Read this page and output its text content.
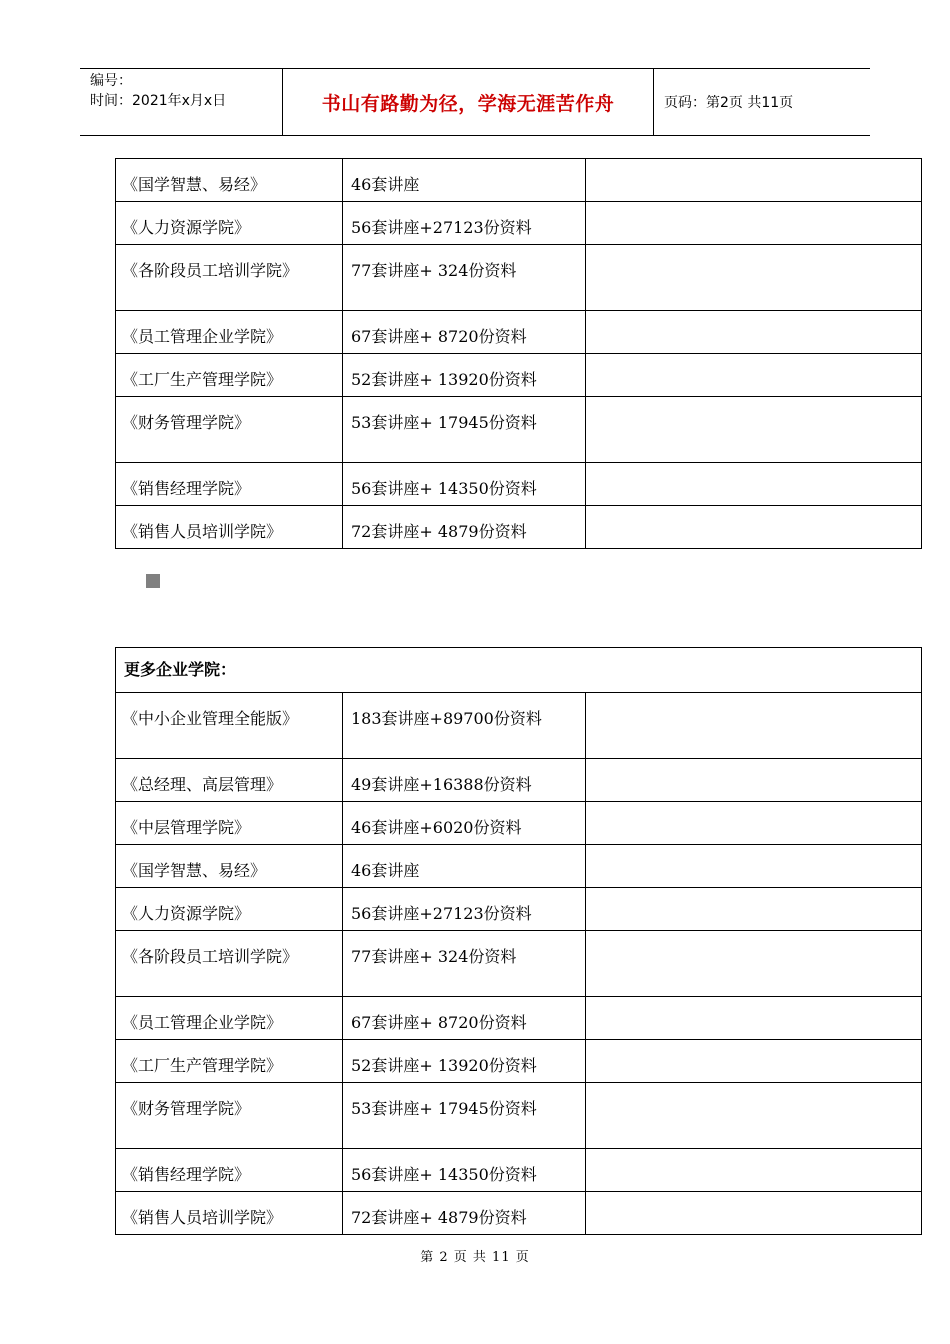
编号：
时间：2021年x月x日	书山有路勤为径，学海无涯苦作舟	页码：第2页 共11页
《国学智慧、易经》	46套讲座	
《人力资源学院》	56套讲座+27123份资料	
《各阶段员工培训学院》	77套讲座+ 324份资料	
《员工管理企业学院》	67套讲座+ 8720份资料	
《工厂生产管理学院》	52套讲座+ 13920份资料	
《财务管理学院》	53套讲座+ 17945份资料	
《销售经理学院》	56套讲座+ 14350份资料	
《销售人员培训学院》	72套讲座+ 4879份资料	
更多企业学院：		
《中小企业管理全能版》	183套讲座+89700份资料	
《总经理、高层管理》	49套讲座+16388份资料	
《中层管理学院》	46套讲座+6020份资料	
《国学智慧、易经》	46套讲座	
《人力资源学院》	56套讲座+27123份资料	
《各阶段员工培训学院》	77套讲座+ 324份资料	
《员工管理企业学院》	67套讲座+ 8720份资料	
《工厂生产管理学院》	52套讲座+ 13920份资料	
《财务管理学院》	53套讲座+ 17945份资料	
《销售经理学院》	56套讲座+ 14350份资料	
《销售人员培训学院》	72套讲座+ 4879份资料	
第 2 页 共 11 页
